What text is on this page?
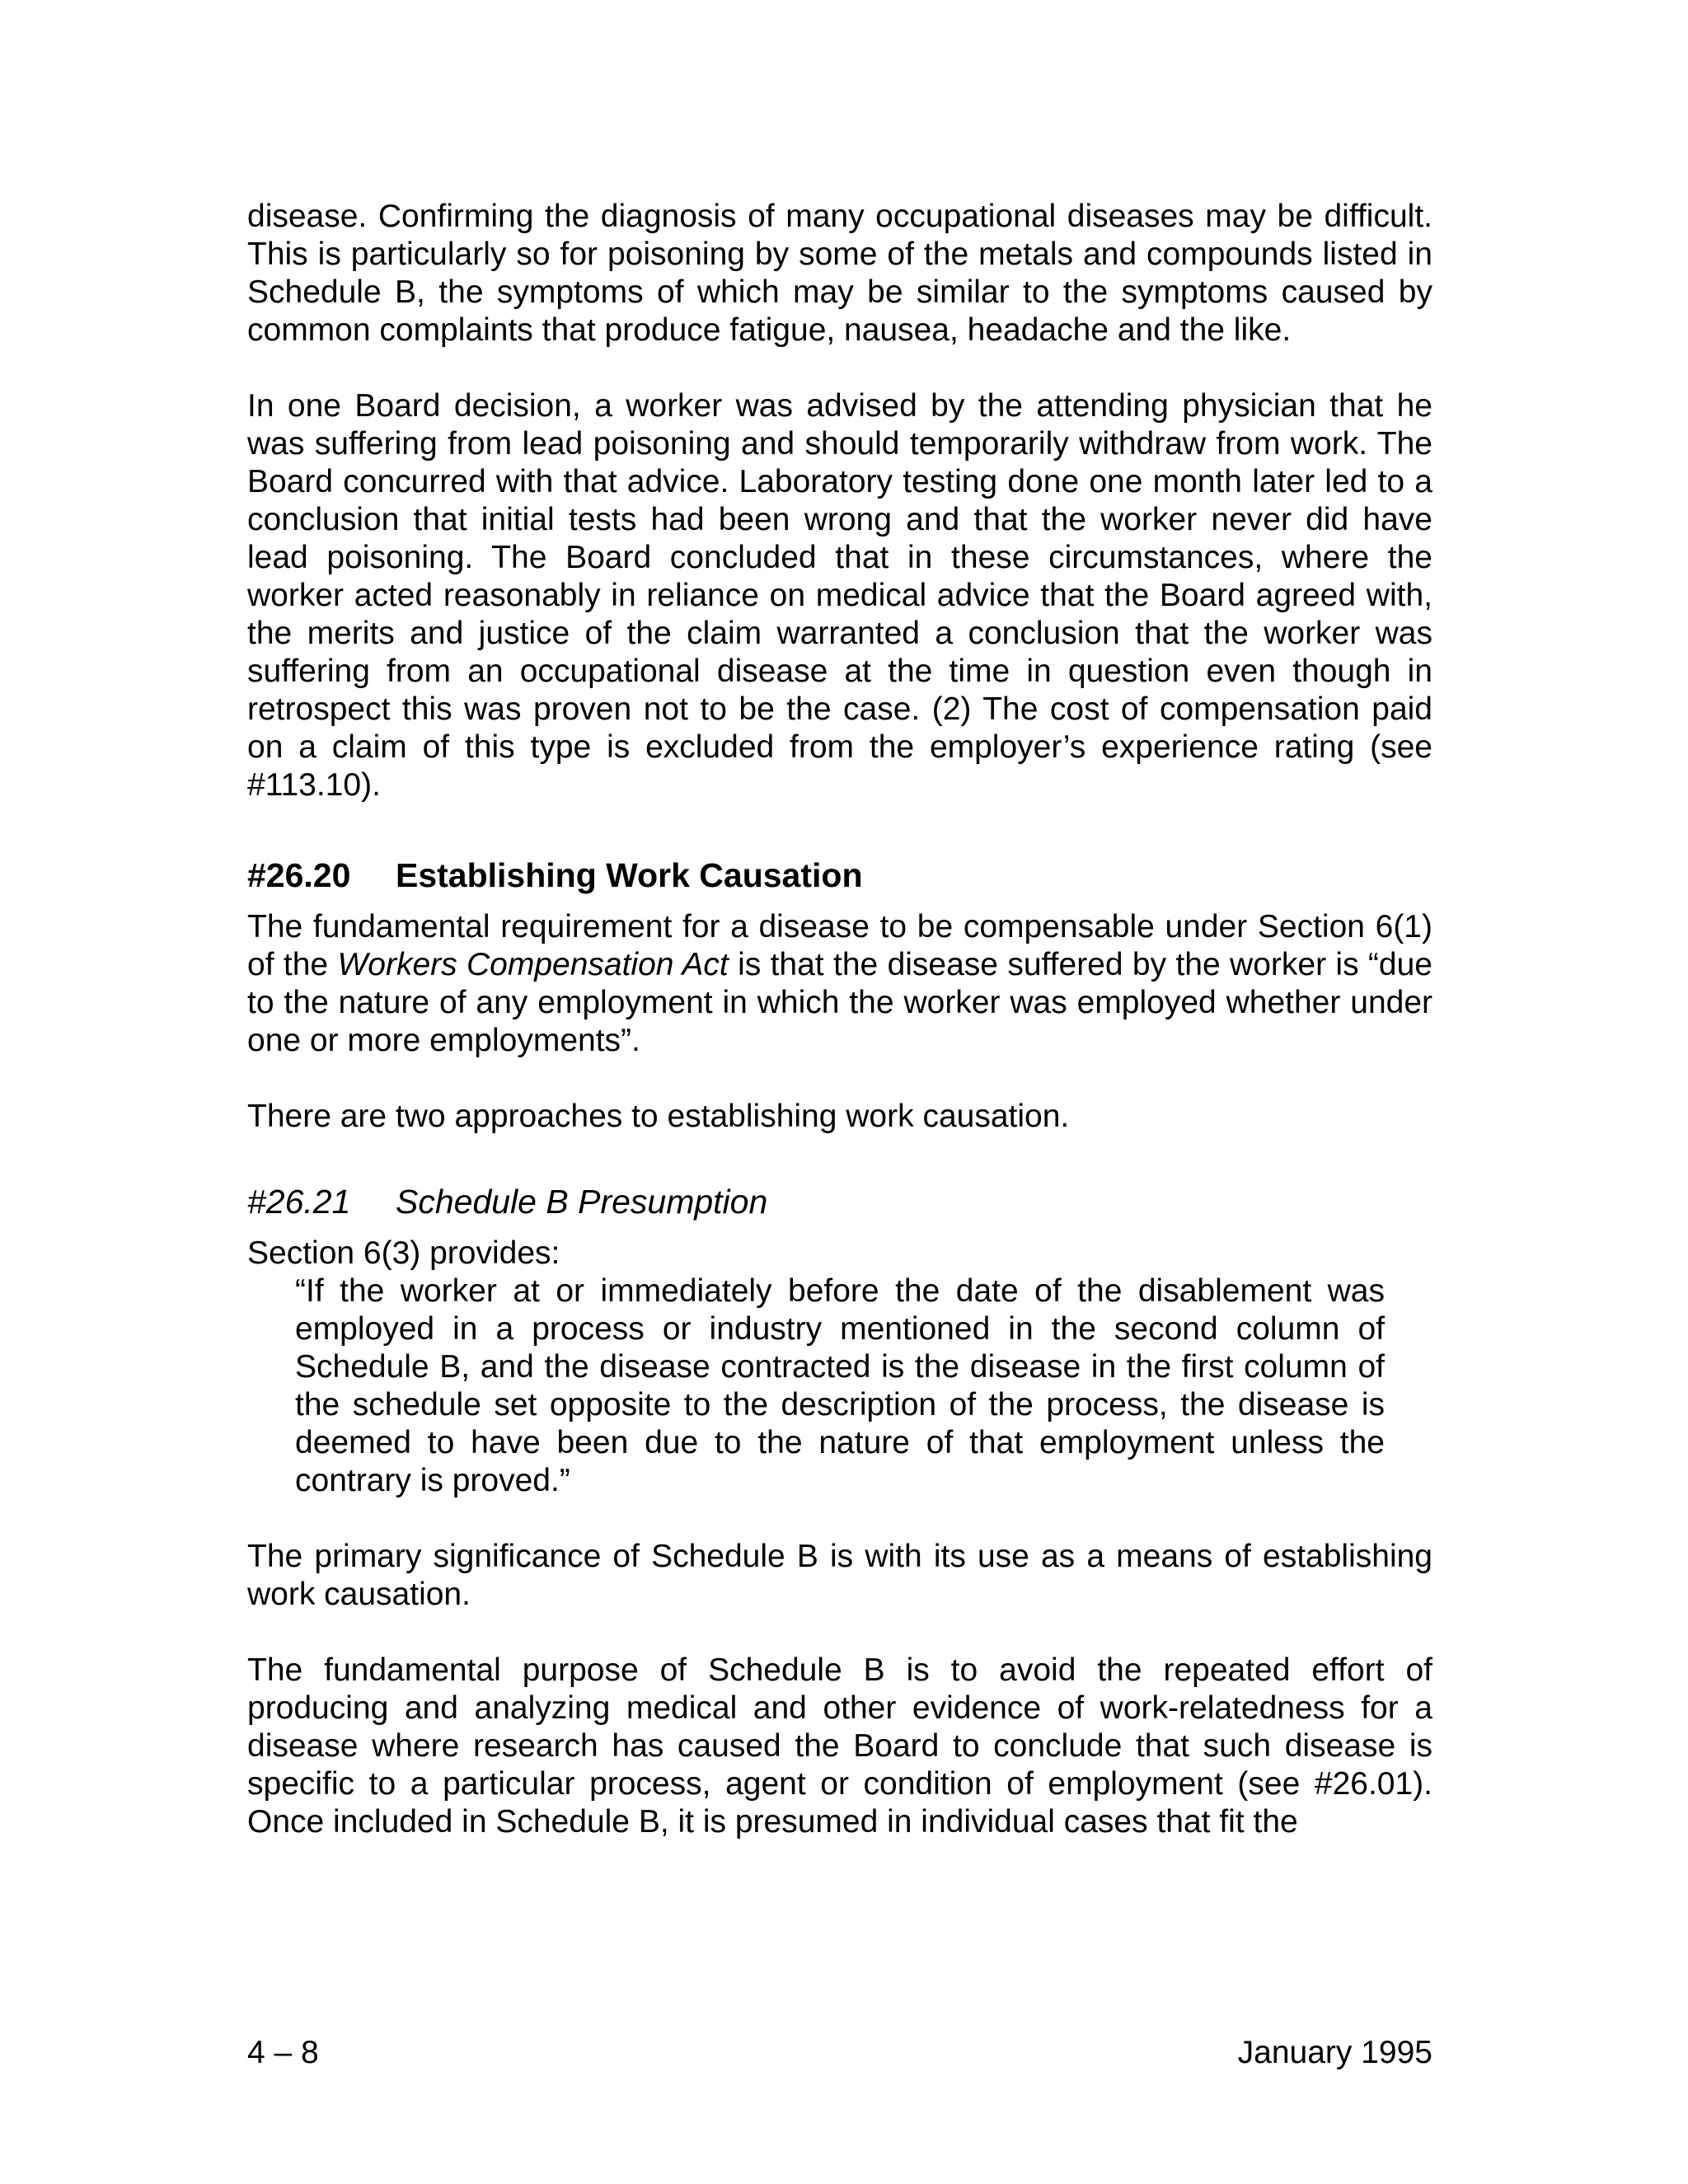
disease. Confirming the diagnosis of many occupational diseases may be difficult. This is particularly so for poisoning by some of the metals and compounds listed in Schedule B, the symptoms of which may be similar to the symptoms caused by common complaints that produce fatigue, nausea, headache and the like.

In one Board decision, a worker was advised by the attending physician that he was suffering from lead poisoning and should temporarily withdraw from work. The Board concurred with that advice. Laboratory testing done one month later led to a conclusion that initial tests had been wrong and that the worker never did have lead poisoning. The Board concluded that in these circumstances, where the worker acted reasonably in reliance on medical advice that the Board agreed with, the merits and justice of the claim warranted a conclusion that the worker was suffering from an occupational disease at the time in question even though in retrospect this was proven not to be the case. (2) The cost of compensation paid on a claim of this type is excluded from the employer’s experience rating (see #113.10).

#26.20	Establishing Work Causation

The fundamental requirement for a disease to be compensable under Section 6(1) of the Workers Compensation Act is that the disease suffered by the worker is “due to the nature of any employment in which the worker was employed whether under one or more employments”.

There are two approaches to establishing work causation.

#26.21	Schedule B Presumption

Section 6(3) provides:

“If the worker at or immediately before the date of the disablement was employed in a process or industry mentioned in the second column of Schedule B, and the disease contracted is the disease in the first column of the schedule set opposite to the description of the process, the disease is deemed to have been due to the nature of that employment unless the contrary is proved.”

The primary significance of Schedule B is with its use as a means of establishing work causation.

The fundamental purpose of Schedule B is to avoid the repeated effort of producing and analyzing medical and other evidence of work-relatedness for a disease where research has caused the Board to conclude that such disease is specific to a particular process, agent or condition of employment (see #26.01). Once included in Schedule B, it is presumed in individual cases that fit the

4 – 8	January 1995
